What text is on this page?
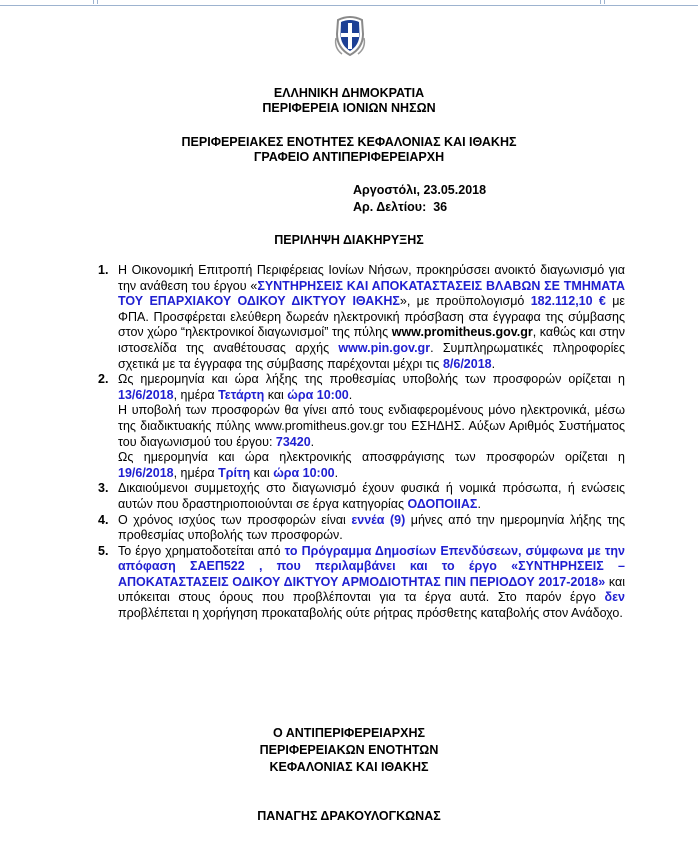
ΕΛΛΗΝΙΚΗ ΔΗΜΟΚΡΑΤΙΑ
ΠΕΡΙΦΕΡΕΙΑ ΙΟΝΙΩΝ ΝΗΣΩΝ
ΠΕΡΙΦΕΡΕΙΑΚΕΣ ΕΝΟΤΗΤΕΣ ΚΕΦΑΛΟΝΙΑΣ ΚΑΙ ΙΘΑΚΗΣ
ΓΡΑΦΕΙΟ ΑΝΤΙΠΕΡΙΦΕΡΕΙΑΡΧΗ
Αργοστόλι, 23.05.2018
Αρ. Δελτίου: 36
ΠΕΡΙΛΗΨΗ ΔΙΑΚΗΡΥΞΗΣ
1. Η Οικονομική Επιτροπή Περιφέρειας Ιονίων Νήσων, προκηρύσσει ανοικτό διαγωνισμό για την ανάθεση του έργου «ΣΥΝΤΗΡΗΣΕΙΣ ΚΑΙ ΑΠΟΚΑΤΑΣΤΑΣΕΙΣ ΒΛΑΒΩΝ ΣΕ ΤΜΗΜΑΤΑ ΤΟΥ ΕΠΑΡΧΙΑΚΟΥ ΟΔΙΚΟΥ ΔΙΚΤΥΟΥ ΙΘΑΚΗΣ», με προϋπολογισμό 182.112,10 € με ΦΠΑ. Προσφέρεται ελεύθερη δωρεάν ηλεκτρονική πρόσβαση στα έγγραφα της σύμβασης στον χώρο “ηλεκτρονικοί διαγωνισμοί” της πύλης www.promitheus.gov.gr, καθώς και στην ιστοσελίδα της αναθέτουσας αρχής www.pin.gov.gr. Συμπληρωματικές πληροφορίες σχετικά με τα έγγραφα της σύμβασης παρέχονται μέχρι τις 8/6/2018.
2. Ως ημερομηνία και ώρα λήξης της προθεσμίας υποβολής των προσφορών ορίζεται η 13/6/2018, ημέρα Τετάρτη και ώρα 10:00.
Η υποβολή των προσφορών θα γίνει από τους ενδιαφερομένους μόνο ηλεκτρονικά, μέσω της διαδικτυακής πύλης www.promitheus.gov.gr του ΕΣΗΔΗΣ. Αύξων Αριθμός Συστήματος του διαγωνισμού του έργου: 73420.
Ως ημερομηνία και ώρα ηλεκτρονικής αποσφράγισης των προσφορών ορίζεται η 19/6/2018, ημέρα Τρίτη και ώρα 10:00.
3. Δικαιούμενοι συμμετοχής στο διαγωνισμό έχουν φυσικά ή νομικά πρόσωπα, ή ενώσεις αυτών που δραστηριοποιούνται σε έργα κατηγορίας ΟΔΟΠΟΙΙΑΣ.
4. Ο χρόνος ισχύος των προσφορών είναι εννέα (9) μήνες από την ημερομηνία λήξης της προθεσμίας υποβολής των προσφορών.
5. Το έργο χρηματοδοτείται από το Πρόγραμμα Δημοσίων Επενδύσεων, σύμφωνα με την απόφαση ΣΑΕΠ522 , που περιλαμβάνει και το έργο «ΣΥΝΤΗΡΗΣΕΙΣ – ΑΠΟΚΑΤΑΣΤΑΣΕΙΣ ΟΔΙΚΟΥ ΔΙΚΤΥΟΥ ΑΡΜΟΔΙΟΤΗΤΑΣ ΠΙΝ ΠΕΡΙΟΔΟΥ 2017-2018» και υπόκειται στους όρους που προβλέπονται για τα έργα αυτά. Στο παρόν έργο δεν προβλέπεται η χορήγηση προκαταβολής ούτε ρήτρας πρόσθετης καταβολής στον Ανάδοχο.
Ο ΑΝΤΙΠΕΡΙΦΕΡΕΙΑΡΧΗΣ
ΠΕΡΙΦΕΡΕΙΑΚΩΝ ΕΝΟΤΗΤΩΝ
ΚΕΦΑΛΟΝΙΑΣ ΚΑΙ ΙΘΑΚΗΣ
ΠΑΝΑΓΗΣ ΔΡΑΚΟΥΛΟΓΚΩΝΑΣ
